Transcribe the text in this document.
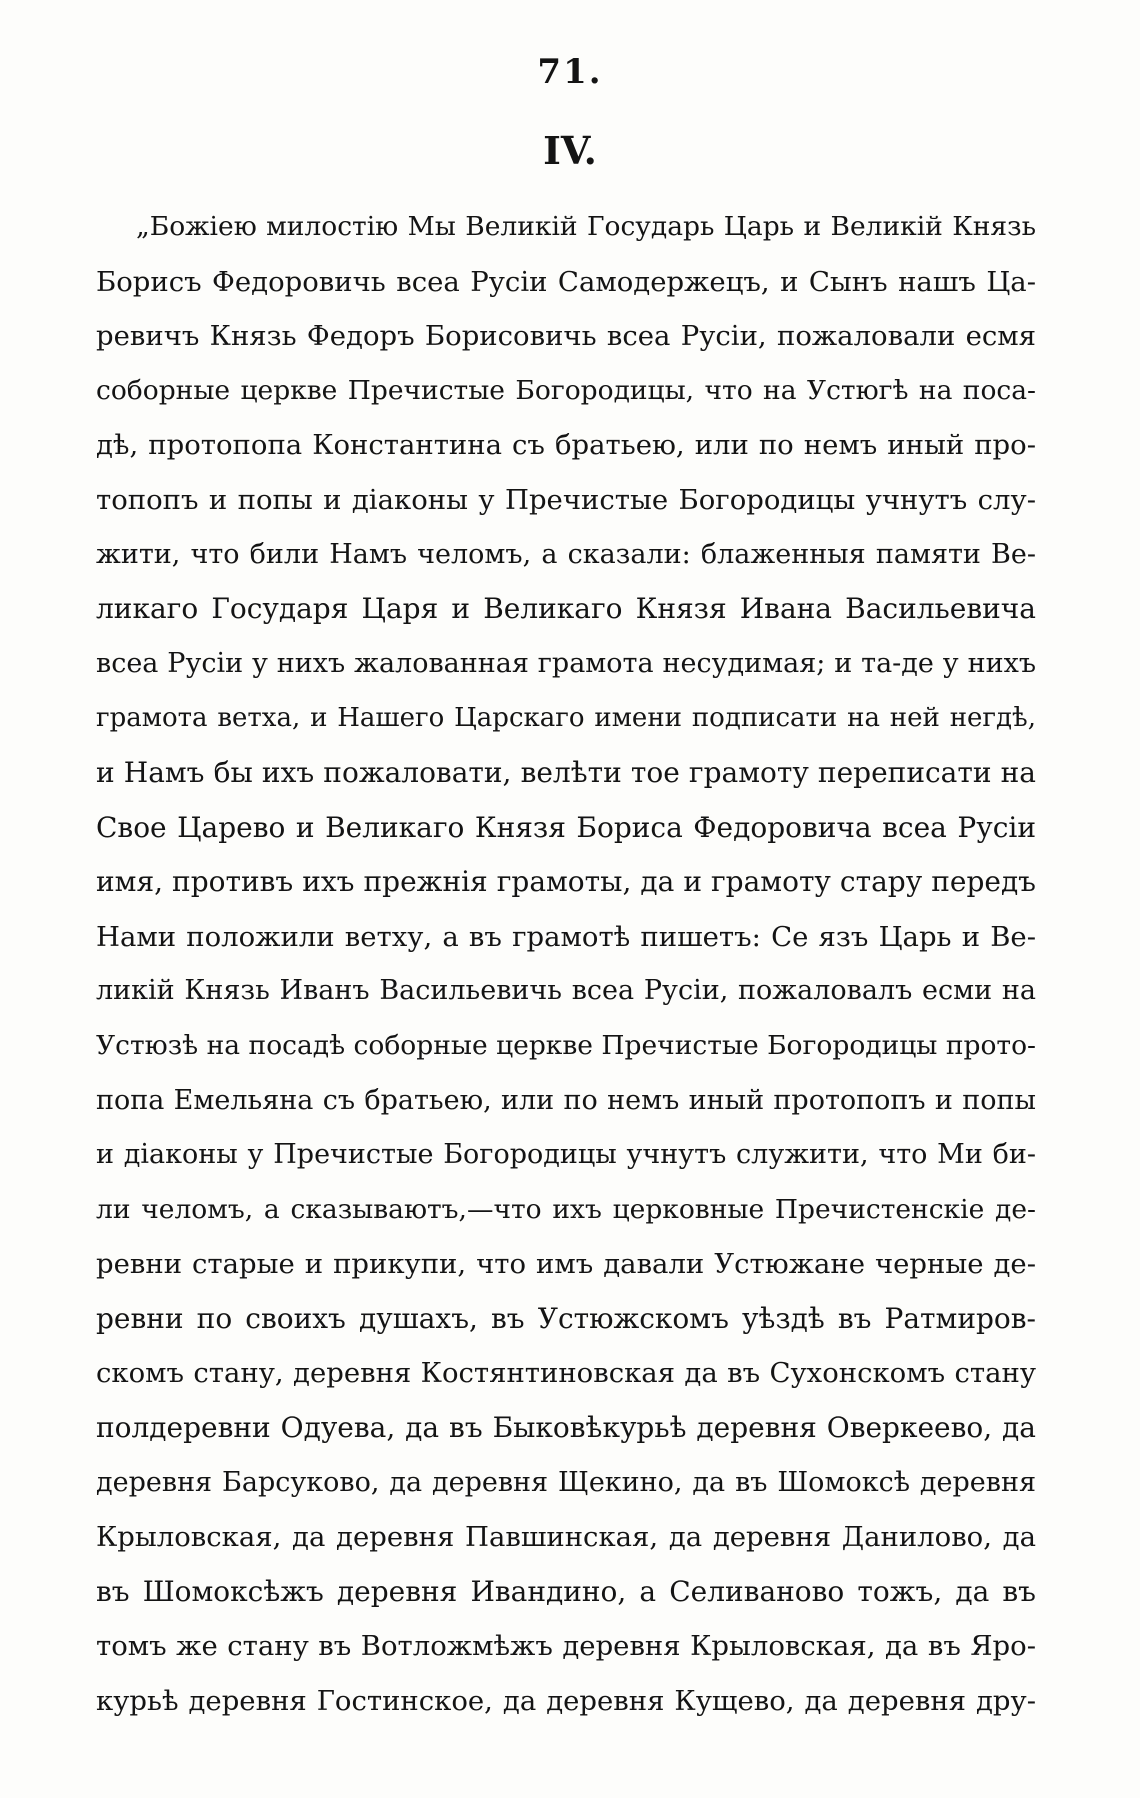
71.
IV.
„Божiею милостiю Мы Великiй Государь Царь и Великiй Князь
Борисъ Федоровичь всеа Русiи Самодержецъ, и Сынъ нашъ Ца-
ревичъ Князь Федоръ Борисовичь всеа Русiи, пожаловали есмя
соборные церкве Пречистые Богородицы, что на Устюгѣ на поса-
дѣ, протопопа Константина съ братьею, или по немъ иный про-
топопъ и попы и дiаконы у Пречистые Богородицы учнутъ слу-
жити, что били Намъ челомъ, а сказали: блаженныя памяти Ве-
ликаго Государя Царя и Великаго Князя Ивана Васильевича
всеа Русiи у нихъ жалованная грамота несудимая; и та-де у нихъ
грамота ветха, и Нашего Царскаго имени подписати на ней негдѣ,
и Намъ бы ихъ пожаловати, велѣти тое грамоту переписати на
Свое Царево и Великаго Князя Бориса Федоровича всеа Русiи
имя, противъ ихъ прежнiя грамоты, да и грамоту стару передъ
Нами положили ветху, а въ грамотѣ пишетъ: Се язъ Царь и Ве-
ликiй Князь Иванъ Васильевичь всеа Русiи, пожаловалъ есми на
Устюзѣ на посадѣ соборные церкве Пречистые Богородицы прото-
попа Емельяна съ братьею, или по немъ иный протопопъ и попы
и дiаконы у Пречистые Богородицы учнутъ служити, что Ми би-
ли челомъ, а сказываютъ,—что ихъ церковные Пречистенскiе де-
ревни старые и прикупи, что имъ давали Устюжане черные де-
ревни по своихъ душахъ, въ Устюжскомъ уѣздѣ въ Ратмиров-
скомъ стану, деревня Костянтиновская да въ Сухонскомъ стану
полдеревни Одуева, да въ Быковѣкурьѣ деревня Оверкеево, да
деревня Барсуково, да деревня Щекино, да въ Шомоксѣ деревня
Крыловская, да деревня Павшинская, да деревня Данилово, да
въ Шомоксѣжъ деревня Ивандино, а Селиваново тожъ, да въ
томъ же стану въ Вотложмѣжъ деревня Крыловская, да въ Яро-
курьѣ деревня Гостинское, да деревня Кущево, да деревня дру-
